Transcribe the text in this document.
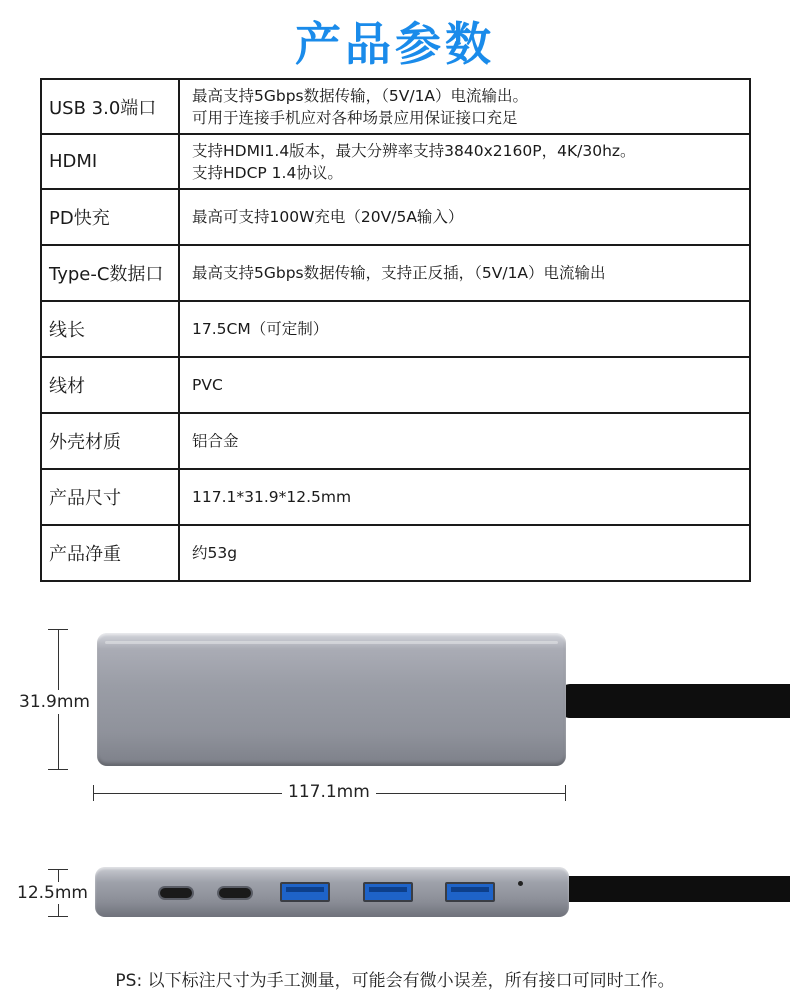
产品参数
USB 3.0端口	最高支持5Gbps数据传输，（5V/1A）电流输出。
可用于连接手机应对各种场景应用保证接口充足

HDMI	支持HDMI1.4版本，最大分辨率支持3840x2160P，4K/30hz。
支持HDCP 1.4协议。

PD快充	最高可支持100W充电（20V/5A输入）
Type-C数据口	最高支持5Gbps数据传输，支持正反插，（5V/1A）电流输出
线长	17.5CM（可定制）
线材	PVC
外壳材质	铝合金
产品尺寸	117.1*31.9*12.5mm
产品净重	约53g
31.9mm
117.1mm
12.5mm
PS: 以下标注尺寸为手工测量，可能会有微小误差，所有接口可同时工作。
